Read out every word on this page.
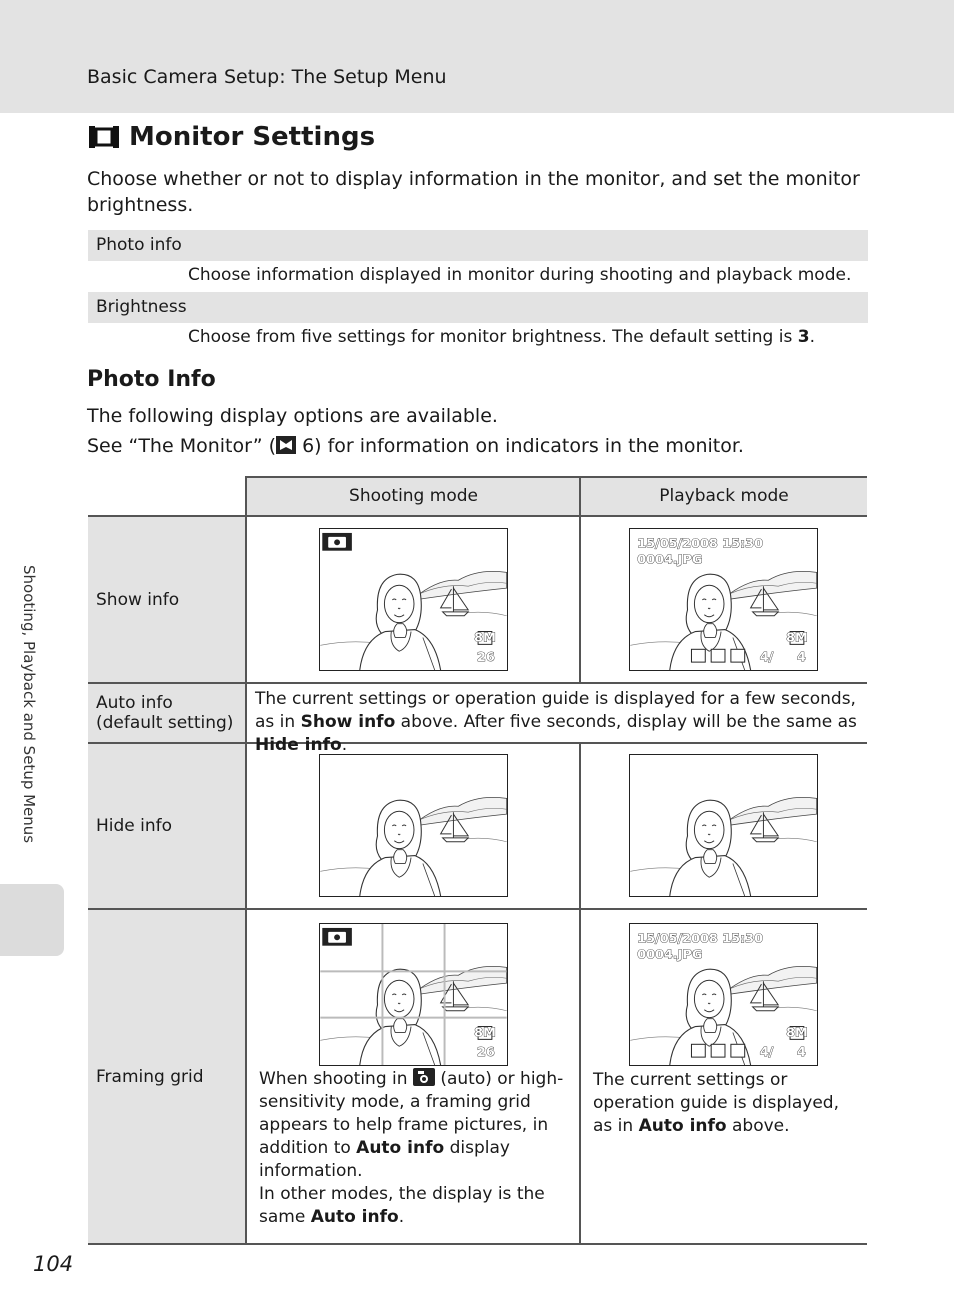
Basic Camera Setup: The Setup Menu
Monitor Settings
Choose whether or not to display information in the monitor, and set the monitor brightness.
Photo info
Choose information displayed in monitor during shooting and playback mode.
Brightness
Choose from five settings for monitor brightness. The default setting is 3.
Photo Info
The following display options are available.
See “The Monitor” ( 6) for information on indicators in the monitor.
Shooting mode	Playback mode
Show info
Auto info
(default setting)
Hide info
Framing grid
8M
26
15/05/2008 15:30
0004.JPG
8M
4/ 4
8M
26
15/05/2008 15:30
0004.JPG
8M
4/ 4
The current settings or operation guide is displayed for a few seconds, as in Show info above. After five seconds, display will be the same as Hide info.
When shooting in  (auto) or high-sensitivity mode, a framing grid appears to help frame pictures, in addition to Auto info display information.
In other modes, the display is the same Auto info.
The current settings or operation guide is displayed, as in Auto info above.
Shooting, Playback and Setup Menus
104
